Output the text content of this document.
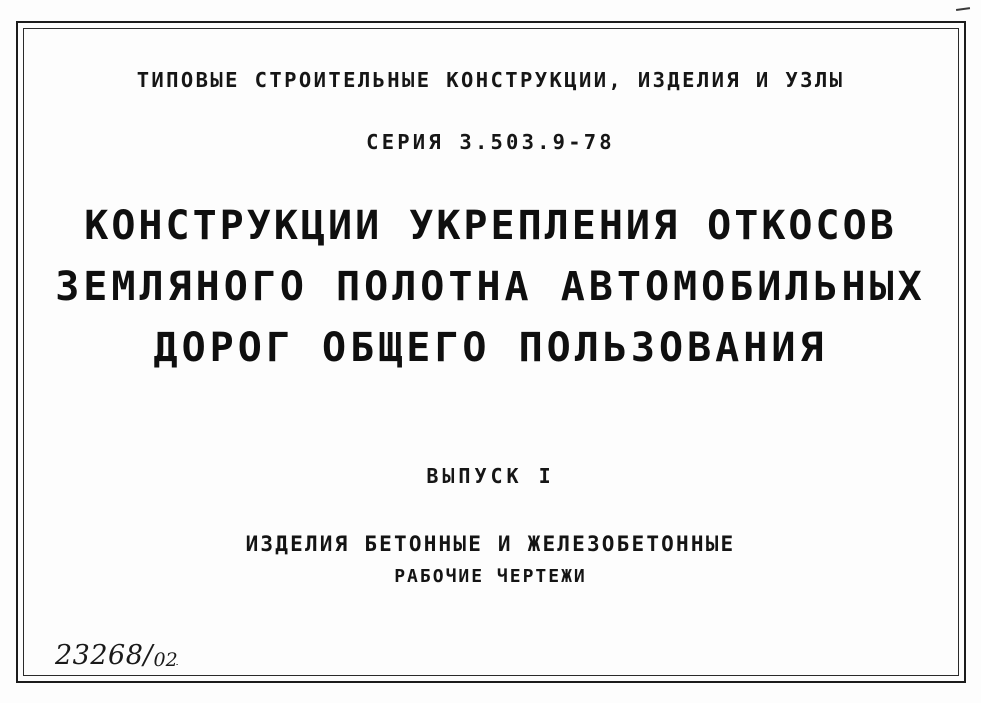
ТИПОВЫЕ СТРОИТЕЛЬНЫЕ КОНСТРУКЦИИ, ИЗДЕЛИЯ И УЗЛЫ
СЕРИЯ 3.503.9-78
КОНСТРУКЦИИ УКРЕПЛЕНИЯ ОТКОСОВ
ЗЕМЛЯНОГО ПОЛОТНА АВТОМОБИЛЬНЫХ
ДОРОГ ОБЩЕГО ПОЛЬЗОВАНИЯ
ВЫПУСК I
ИЗДЕЛИЯ БЕТОННЫЕ И ЖЕЛЕЗОБЕТОННЫЕ
РАБОЧИЕ ЧЕРТЕЖИ
23268 / 02
